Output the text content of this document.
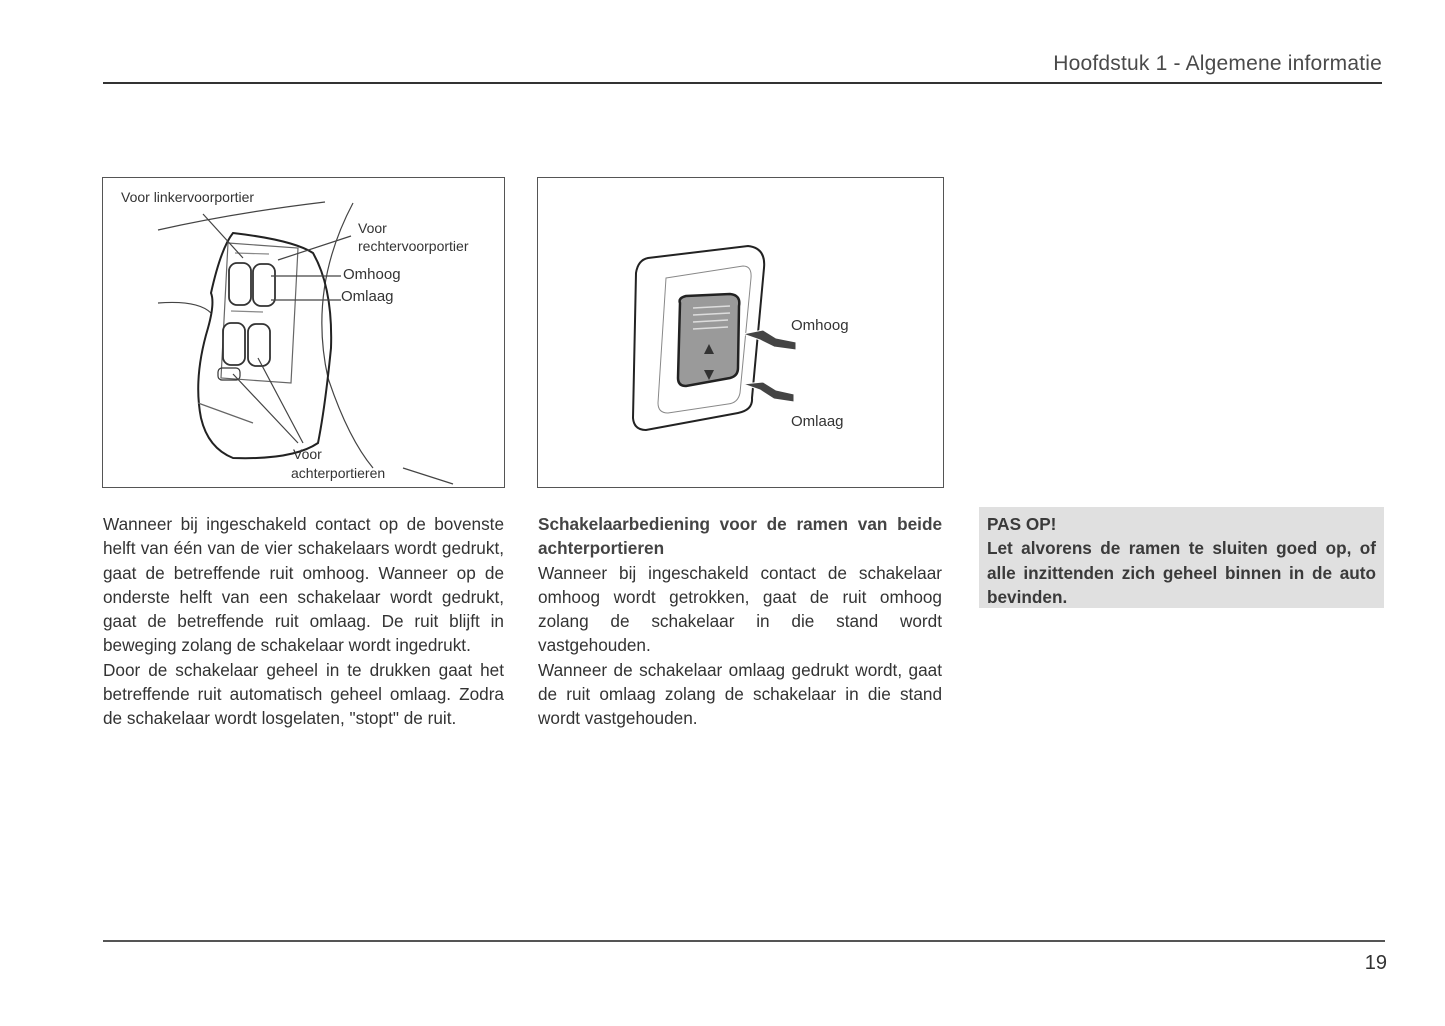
Hoofdstuk 1 - Algemene informatie
Voor linkervoorportier
Voor
rechtervoorportier
Omhoog
Omlaag
Voor
achterportieren
Omhoog
Omlaag

Wanneer bij ingeschakeld contact op de bovenste helft van één van de vier schakelaars wordt gedrukt, gaat de betreffende ruit omhoog. Wanneer op de onderste helft van een schakelaar wordt gedrukt, gaat de betreffende ruit omlaag. De ruit blijft in beweging zolang de schakelaar wordt ingedrukt.

Door de schakelaar geheel in te drukken gaat het betreffende ruit automatisch geheel omlaag. Zodra de schakelaar wordt losgelaten, "stopt" de ruit.

Schakelaarbediening voor de ramen van beide achterportieren

Wanneer bij ingeschakeld contact de schakelaar omhoog wordt getrokken, gaat de ruit omhoog zolang de schakelaar in die stand wordt vastgehouden.

Wanneer de schakelaar omlaag gedrukt wordt, gaat de ruit omlaag zolang de schakelaar in die stand wordt vastgehouden.

PAS OP!

Let alvorens de ramen te sluiten goed op, of alle inzittenden zich geheel binnen in de auto bevinden.

19
